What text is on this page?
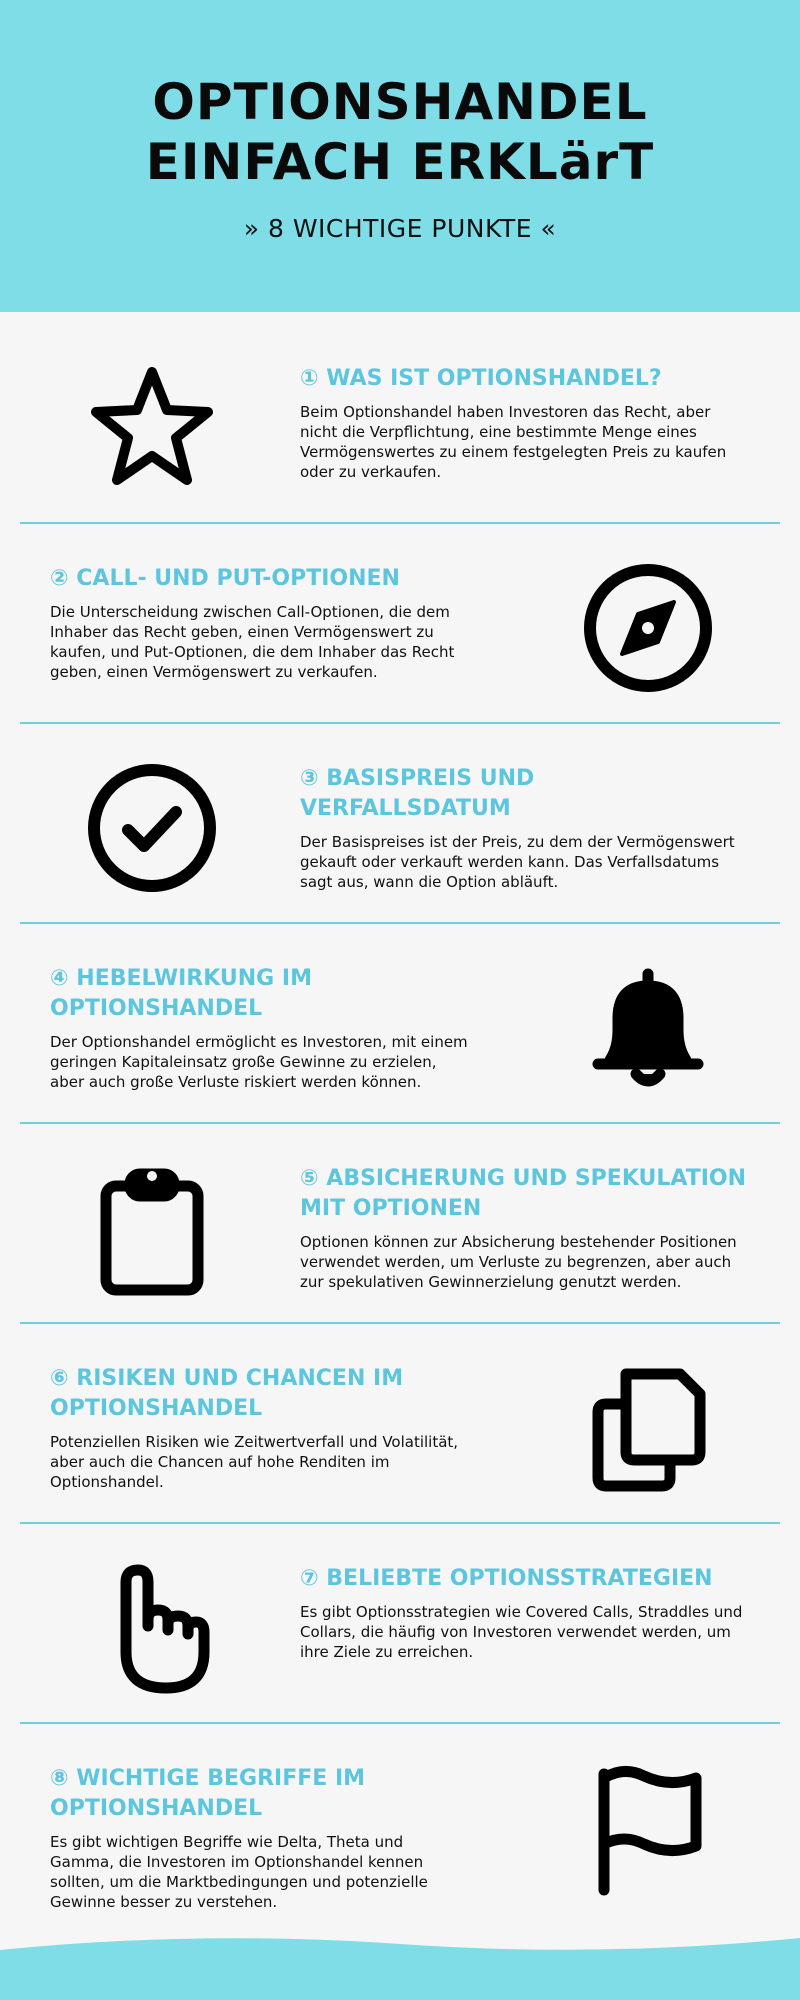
OPTIONSHANDEL
EINFACH ERKLärT
» 8 WICHTIGE PUNKTE «
① WAS IST OPTIONSHANDEL?
Beim Optionshandel haben Investoren das Recht, aber nicht die Verpflichtung, eine bestimmte Menge eines Vermögenswertes zu einem festgelegten Preis zu kaufen oder zu verkaufen.
② CALL- UND PUT-OPTIONEN
Die Unterscheidung zwischen Call-Optionen, die dem Inhaber das Recht geben, einen Vermögenswert zu kaufen, und Put-Optionen, die dem Inhaber das Recht geben, einen Vermögenswert zu verkaufen.
③ BASISPREIS UND VERFALLSDATUM
Der Basispreises ist der Preis, zu dem der Vermögenswert gekauft oder verkauft werden kann. Das Verfallsdatums sagt aus, wann die Option abläuft.
④ HEBELWIRKUNG IM OPTIONSHANDEL
Der Optionshandel ermöglicht es Investoren, mit einem geringen Kapitaleinsatz große Gewinne zu erzielen, aber auch große Verluste riskiert werden können.
⑤ ABSICHERUNG UND SPEKULATION MIT OPTIONEN
Optionen können zur Absicherung bestehender Positionen verwendet werden, um Verluste zu begrenzen, aber auch zur spekulativen Gewinnerzielung genutzt werden.
⑥ RISIKEN UND CHANCEN IM OPTIONSHANDEL
Potenziellen Risiken wie Zeitwertverfall und Volatilität, aber auch die Chancen auf hohe Renditen im Optionshandel.
⑦ BELIEBTE OPTIONSSTRATEGIEN
Es gibt Optionsstrategien wie Covered Calls, Straddles und Collars, die häufig von Investoren verwendet werden, um ihre Ziele zu erreichen.
⑧ WICHTIGE BEGRIFFE IM OPTIONSHANDEL
Es gibt wichtigen Begriffe wie Delta, Theta und Gamma, die Investoren im Optionshandel kennen sollten, um die Marktbedingungen und potenzielle Gewinne besser zu verstehen.
